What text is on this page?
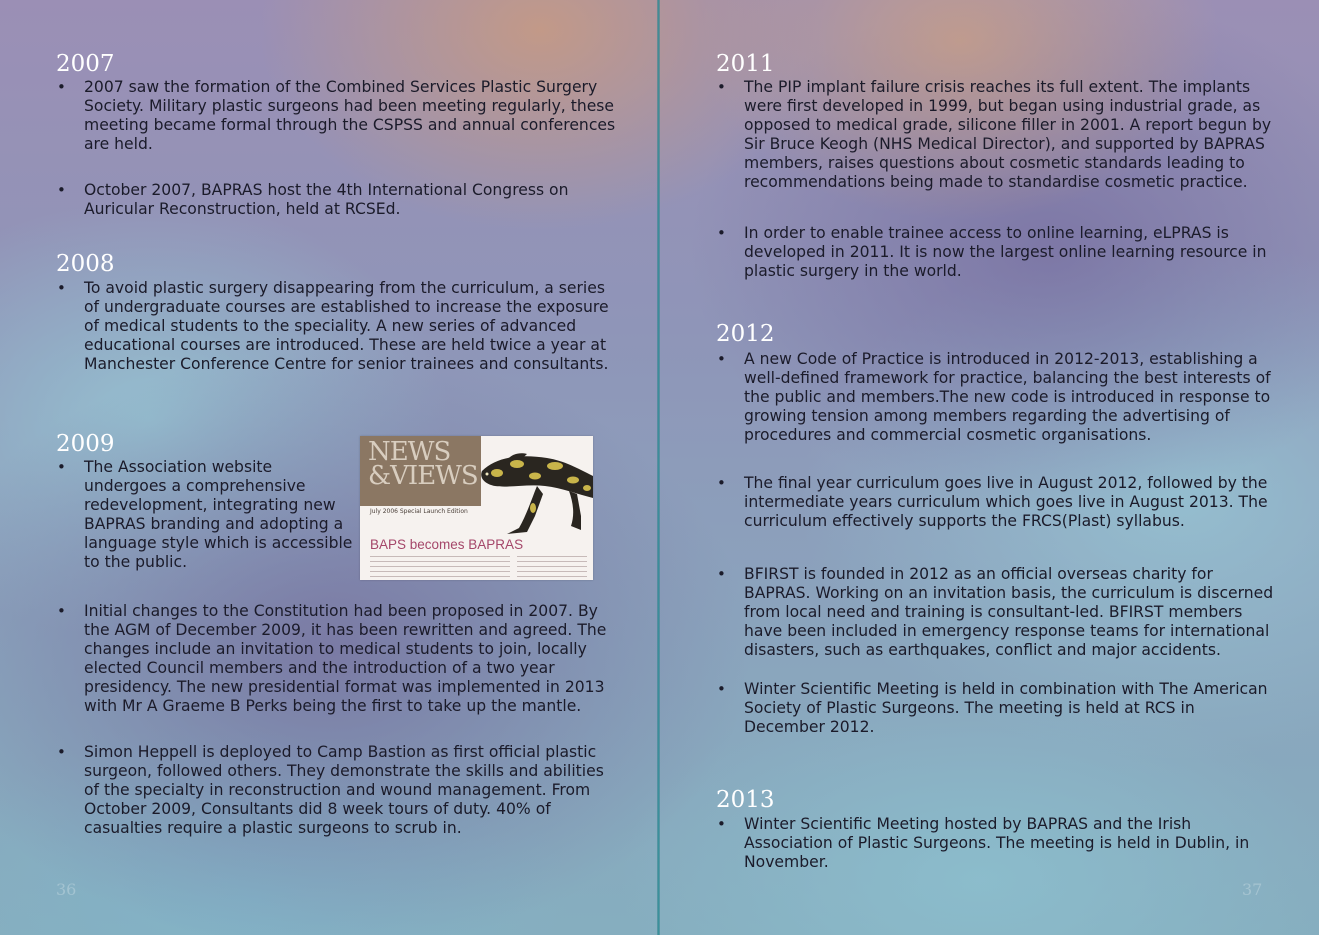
2007
• 2007 saw the formation of the Combined Services Plastic Surgery Society. Military plastic surgeons had been meeting regularly, these meeting became formal through the CSPSS and annual conferences are held.
• October 2007, BAPRAS host the 4th International Congress on Auricular Reconstruction, held at RCSEd.
2008
• To avoid plastic surgery disappearing from the curriculum, a series of undergraduate courses are established to increase the exposure of medical students to the speciality. A new series of advanced educational courses are introduced. These are held twice a year at Manchester Conference Centre for senior trainees and consultants.
2009
• The Association website undergoes a comprehensive redevelopment, integrating new BAPRAS branding and adopting a language style which is accessible to the public.

NEWS
&VIEWS

July 2006 Special Launch Edition

BAPS becomes BAPRAS

• Initial changes to the Constitution had been proposed in 2007. By the AGM of December 2009, it has been rewritten and agreed. The changes include an invitation to medical students to join, locally elected Council members and the introduction of a two year presidency. The new presidential format was implemented in 2013 with Mr A Graeme B Perks being the first to take up the mantle.
• Simon Heppell is deployed to Camp Bastion as first official plastic surgeon, followed others. They demonstrate the skills and abilities of the specialty in reconstruction and wound management. From October 2009, Consultants did 8 week tours of duty. 40% of casualties require a plastic surgeons to scrub in.
36
2011
• The PIP implant failure crisis reaches its full extent. The implants were first developed in 1999, but began using industrial grade, as opposed to medical grade, silicone filler in 2001. A report begun by Sir Bruce Keogh (NHS Medical Director), and supported by BAPRAS members, raises questions about cosmetic standards leading to recommendations being made to standardise cosmetic practice.
• In order to enable trainee access to online learning, eLPRAS is developed in 2011. It is now the largest online learning resource in plastic surgery in the world.
2012
• A new Code of Practice is introduced in 2012-2013, establishing a well-defined framework for practice, balancing the best interests of the public and members.The new code is introduced in response to growing tension among members regarding the advertising of procedures and commercial cosmetic organisations.
• The final year curriculum goes live in August 2012, followed by the intermediate years curriculum which goes live in August 2013. The curriculum effectively supports the FRCS(Plast) syllabus.
• BFIRST is founded in 2012 as an official overseas charity for BAPRAS. Working on an invitation basis, the curriculum is discerned from local need and training is consultant-led. BFIRST members have been included in emergency response teams for international disasters, such as earthquakes, conflict and major accidents.
• Winter Scientific Meeting is held in combination with The American Society of Plastic Surgeons. The meeting is held at RCS in December 2012.
2013
• Winter Scientific Meeting hosted by BAPRAS and the Irish Association of Plastic Surgeons. The meeting is held in Dublin, in November.
37
